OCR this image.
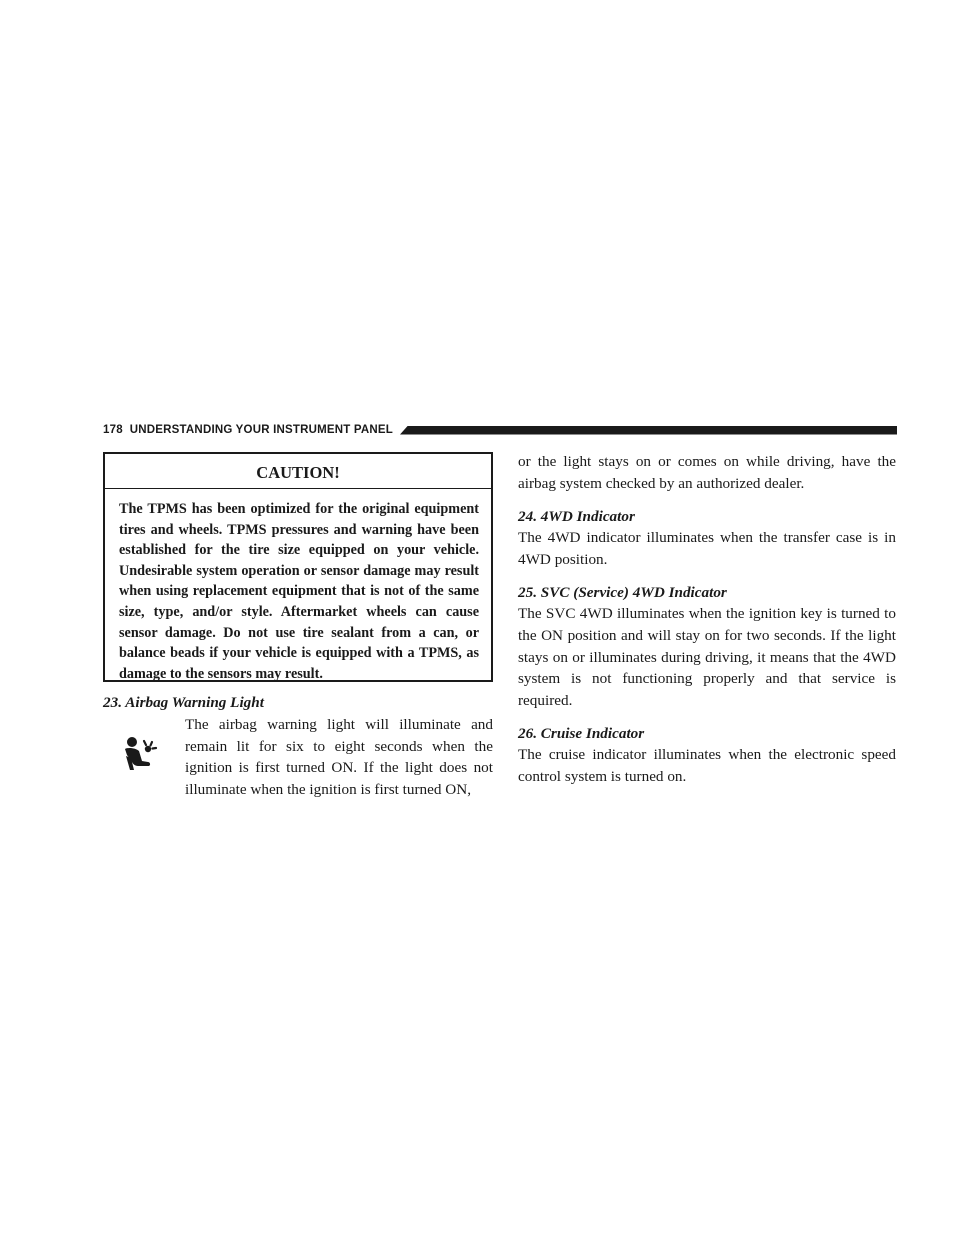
178 UNDERSTANDING YOUR INSTRUMENT PANEL
CAUTION!
The TPMS has been optimized for the original equipment tires and wheels. TPMS pressures and warning have been established for the tire size equipped on your vehicle. Undesirable system operation or sensor damage may result when using replacement equipment that is not of the same size, type, and/or style. Aftermarket wheels can cause sensor damage. Do not use tire sealant from a can, or balance beads if your vehicle is equipped with a TPMS, as damage to the sensors may result.
23. Airbag Warning Light
The airbag warning light will illuminate and remain lit for six to eight seconds when the ignition is first turned ON. If the light does not illuminate when the ignition is first turned ON,
or the light stays on or comes on while driving, have the airbag system checked by an authorized dealer.
24. 4WD Indicator
The 4WD indicator illuminates when the transfer case is in 4WD position.
25. SVC (Service) 4WD Indicator
The SVC 4WD illuminates when the ignition key is turned to the ON position and will stay on for two seconds. If the light stays on or illuminates during driving, it means that the 4WD system is not functioning properly and that service is required.
26. Cruise Indicator
The cruise indicator illuminates when the electronic speed control system is turned on.
